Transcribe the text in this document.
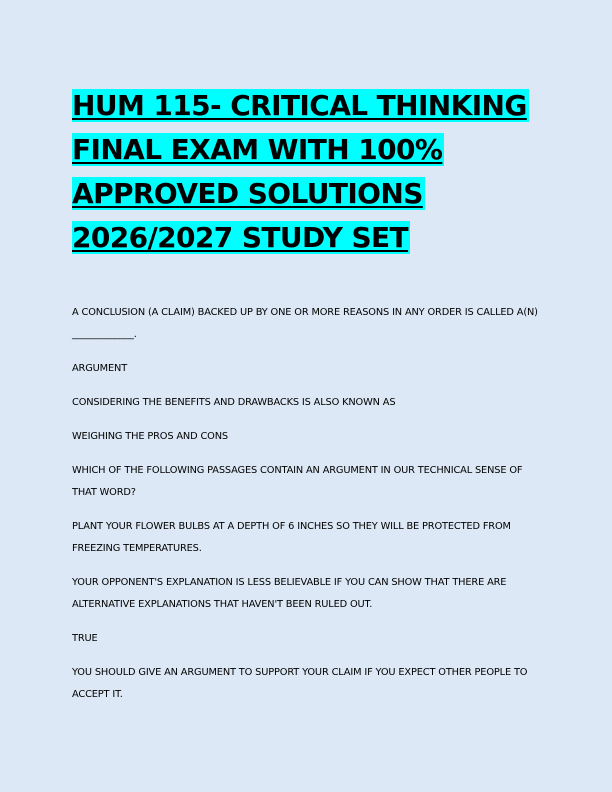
HUM 115- CRITICAL THINKING
FINAL EXAM WITH 100%
APPROVED SOLUTIONS
2026/2027 STUDY SET

A CONCLUSION (A CLAIM) BACKED UP BY ONE OR MORE REASONS IN ANY ORDER IS CALLED A(N) _____________.

ARGUMENT

CONSIDERING THE BENEFITS AND DRAWBACKS IS ALSO KNOWN AS

WEIGHING THE PROS AND CONS

WHICH OF THE FOLLOWING PASSAGES CONTAIN AN ARGUMENT IN OUR TECHNICAL SENSE OF THAT WORD?

PLANT YOUR FLOWER BULBS AT A DEPTH OF 6 INCHES SO THEY WILL BE PROTECTED FROM FREEZING TEMPERATURES.

YOUR OPPONENT'S EXPLANATION IS LESS BELIEVABLE IF YOU CAN SHOW THAT THERE ARE ALTERNATIVE EXPLANATIONS THAT HAVEN'T BEEN RULED OUT.

TRUE

YOU SHOULD GIVE AN ARGUMENT TO SUPPORT YOUR CLAIM IF YOU EXPECT OTHER PEOPLE TO ACCEPT IT.
